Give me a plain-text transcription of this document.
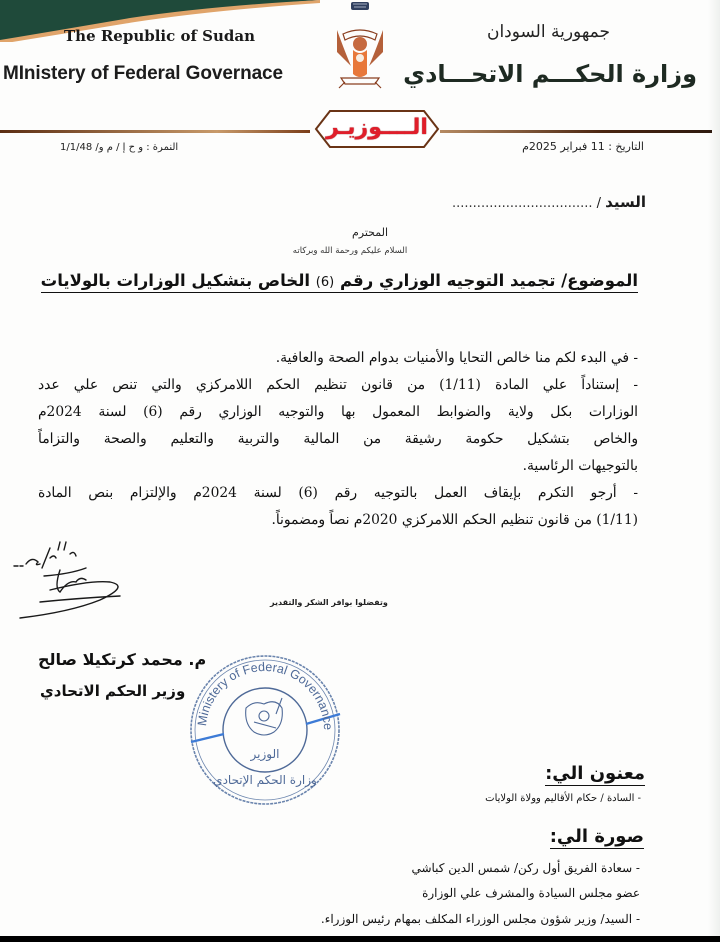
The Republic of Sudan
MInistery of Federal Governace
جمهورية السودان
وزارة الحكـــم الاتحـــادي
الــــوزيـر
النمرة : و ح إ / م و/ 1/1/48	التاريخ : 11 فبراير 2025م
السيد / ..................................
المحترم
السلام عليكم ورحمة الله وبركاته
الموضوع/ تجميد التوجيه الوزاري رقم (6) الخاص بتشكيل الوزارات بالولايات

- في البدء لكم منا خالص التحايا والأمنيات بدوام الصحة والعافية.

- إستناداً علي المادة (1/11) من قانون تنظيم الحكم اللامركزي والتي تنص علي عدد
الوزارات بكل ولاية والضوابط المعمول بها والتوجيه الوزاري رقم (6) لسنة 2024م
والخاص بتشكيل حكومة رشيقة من المالية والتربية والتعليم والصحة والتزاماً
بالتوجيهات الرئاسية.

- أرجو التكرم بإيقاف العمل بالتوجيه رقم (6) لسنة 2024م والإلتزام بنص المادة
(1/11) من قانون تنظيم الحكم اللامركزي 2020م نصاً ومضموناً.

وتفضلوا بوافر الشكر والتقدير
م. محمد كرتكيلا صالح
وزير الحكم الاتحادي
Ministery of Federal Governance
الوزير
وزارة الحكم الإتحادي	معنون الي:
- السادة / حكام الأقاليم وولاة الولايات
صورة الي:
- سعادة الفريق أول ركن/ شمس الدين كباشي
عضو مجلس السيادة والمشرف علي الوزارة
- السيد/ وزير شؤون مجلس الوزراء المكلف بمهام رئيس الوزراء.
